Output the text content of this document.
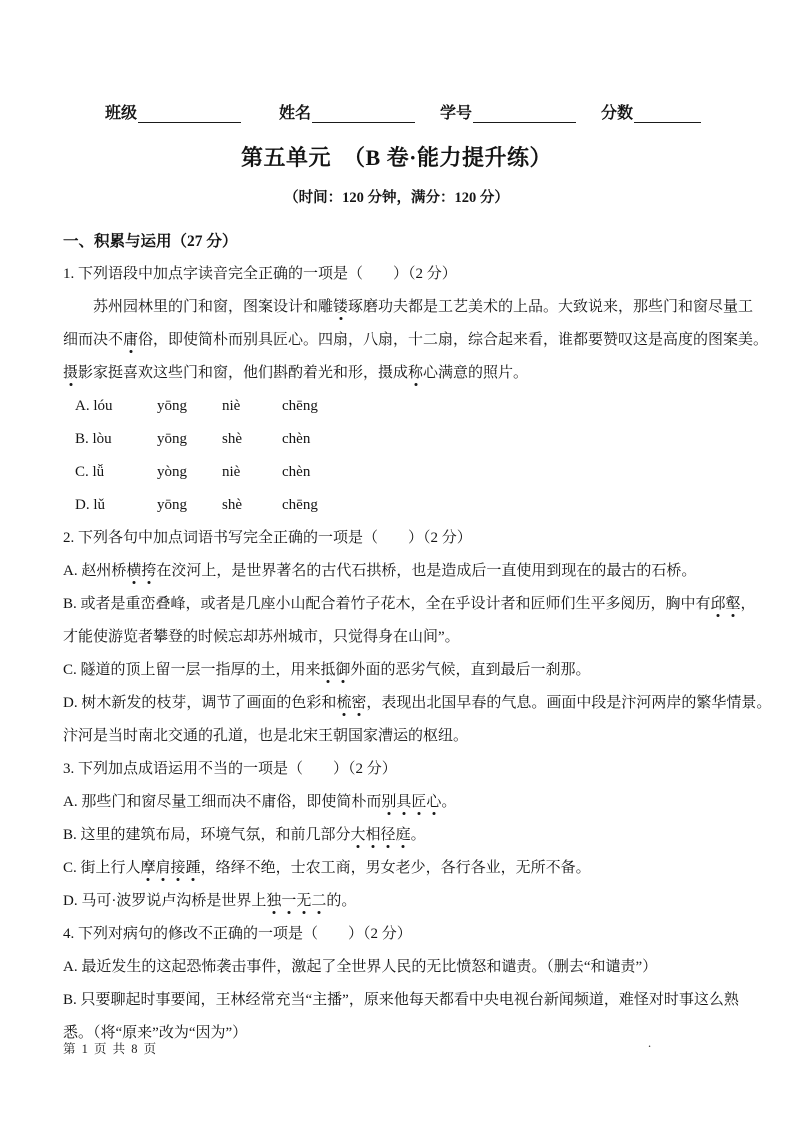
班级	姓名	学号	分数
第五单元  （B 卷·能力提升练）
（时间：120 分钟，满分：120 分）

一、积累与运用（27 分）

1. 下列语段中加点字读音完全正确的一项是（        ）（2 分）

苏州园林里的门和窗，图案设计和雕镂琢磨功夫都是工艺美术的上品。大致说来，那些门和窗尽量工

细而决不庸俗，即使简朴而别具匠心。四扇，八扇，十二扇，综合起来看，谁都要赞叹这是高度的图案美。

摄影家挺喜欢这些门和窗，他们斟酌着光和形，摄成称心满意的照片。

A. lóu	yōng niè	chēng

B. lòu	yōng shè	chèn

C. lǚ	yòng niè	chèn

D. lǔ	yōng shè	chēng

2. 下列各句中加点词语书写完全正确的一项是（        ）（2 分）

A. 赵州桥横挎在洨河上，是世界著名的古代石拱桥，也是造成后一直使用到现在的最古的石桥。

B. 或者是重峦叠峰，或者是几座小山配合着竹子花木，全在乎设计者和匠师们生平多阅历，胸中有邱壑，

才能使游览者攀登的时候忘却苏州城市，只觉得身在山间”。

C. 隧道的顶上留一层一指厚的土，用来抵御外面的恶劣气候，直到最后一刹那。

D. 树木新发的枝芽，调节了画面的色彩和梳密，表现出北国早春的气息。画面中段是汴河两岸的繁华情景。

汴河是当时南北交通的孔道，也是北宋王朝国家漕运的枢纽。

3. 下列加点成语运用不当的一项是（        ）（2 分）

A. 那些门和窗尽量工细而决不庸俗，即使简朴而别具匠心。

B. 这里的建筑布局，环境气氛，和前几部分大相径庭。

C. 街上行人摩肩接踵，络绎不绝，士农工商，男女老少，各行各业，无所不备。

D. 马可·波罗说卢沟桥是世界上独一无二的。

4. 下列对病句的修改不正确的一项是（        ）（2 分）

A. 最近发生的这起恐怖袭击事件，激起了全世界人民的无比愤怒和谴责。（删去“和谴责”）

B. 只要聊起时事要闻，王林经常充当“主播”，原来他每天都看中央电视台新闻频道，难怪对时事这么熟

悉。（将“原来”改为“因为”）

第 1 页 共 8 页	.
